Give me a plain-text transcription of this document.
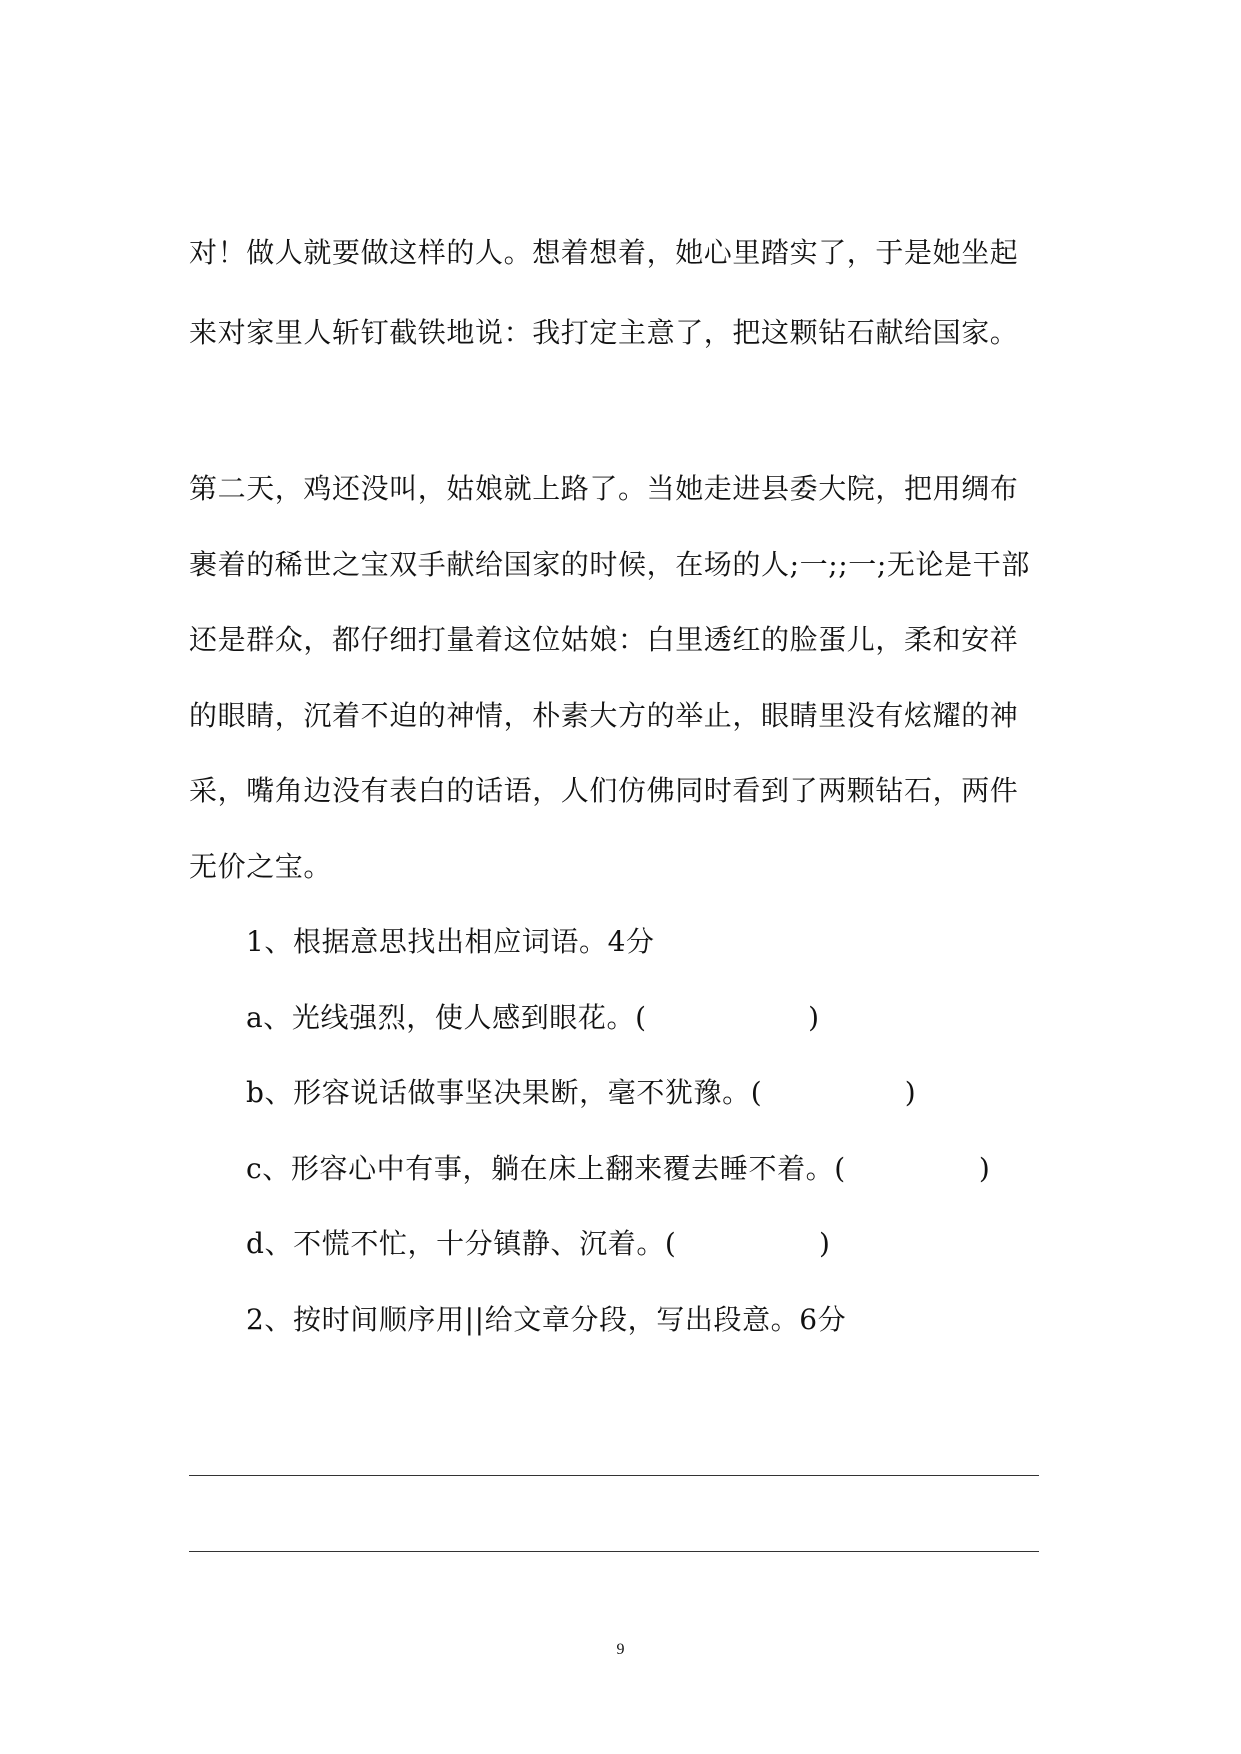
对！做人就要做这样的人。想着想着，她心里踏实了，于是她坐起
来对家里人斩钉截铁地说：我打定主意了，把这颗钻石献给国家。
第二天，鸡还没叫，姑娘就上路了。当她走进县委大院，把用绸布
裹着的稀世之宝双手献给国家的时候，在场的人;一;;一;无论是干部
还是群众，都仔细打量着这位姑娘：白里透红的脸蛋儿，柔和安祥
的眼睛，沉着不迫的神情，朴素大方的举止，眼睛里没有炫耀的神
采，嘴角边没有表白的话语，人们仿佛同时看到了两颗钻石，两件
无价之宝。
1、根据意思找出相应词语。4分
a、光线强烈，使人感到眼花。(                 )
b、形容说话做事坚决果断，毫不犹豫。(               )
c、形容心中有事，躺在床上翻来覆去睡不着。(              )
d、不慌不忙，十分镇静、沉着。(               )
2、按时间顺序用||给文章分段，写出段意。6分
9
